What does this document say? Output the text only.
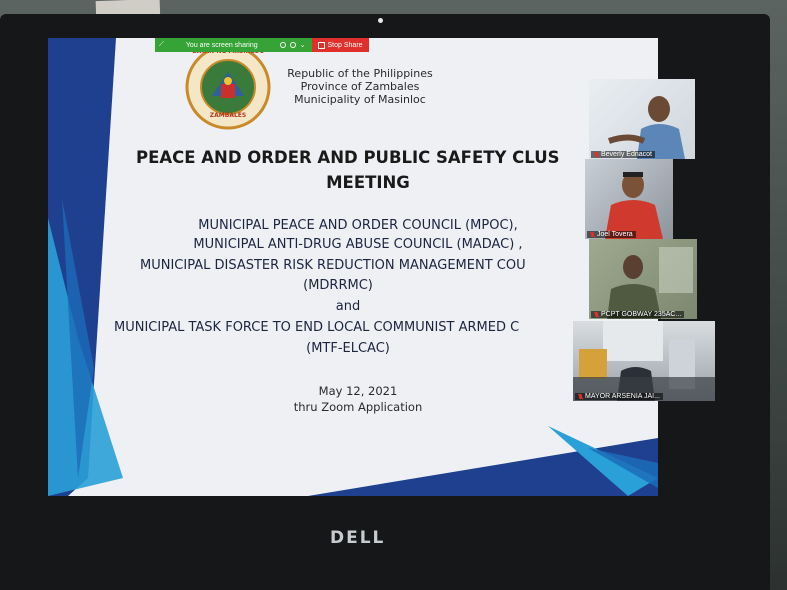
ZAMBALES
Republic of the Philippines
Province of Zambales
Municipality of Masinloc
PEACE AND ORDER AND PUBLIC SAFETY CLUS
MEETING
MUNICIPAL PEACE AND ORDER COUNCIL (MPOC),
MUNICIPAL ANTI-DRUG ABUSE COUNCIL (MADAC) ,
MUNICIPAL DISASTER RISK REDUCTION MANAGEMENT COU
(MDRRMC)
and
MUNICIPAL TASK FORCE TO END LOCAL COMMUNIST ARMED C
(MTF-ELCAC)
May 12, 2021
thru Zoom Application
⟋	You are screen sharing	⌄	Stop Share
Beverly Ednacot
Joel Tovera
PCPT GOBWAY 235AC...
MAYOR ARSENIA JAI...
DELL
